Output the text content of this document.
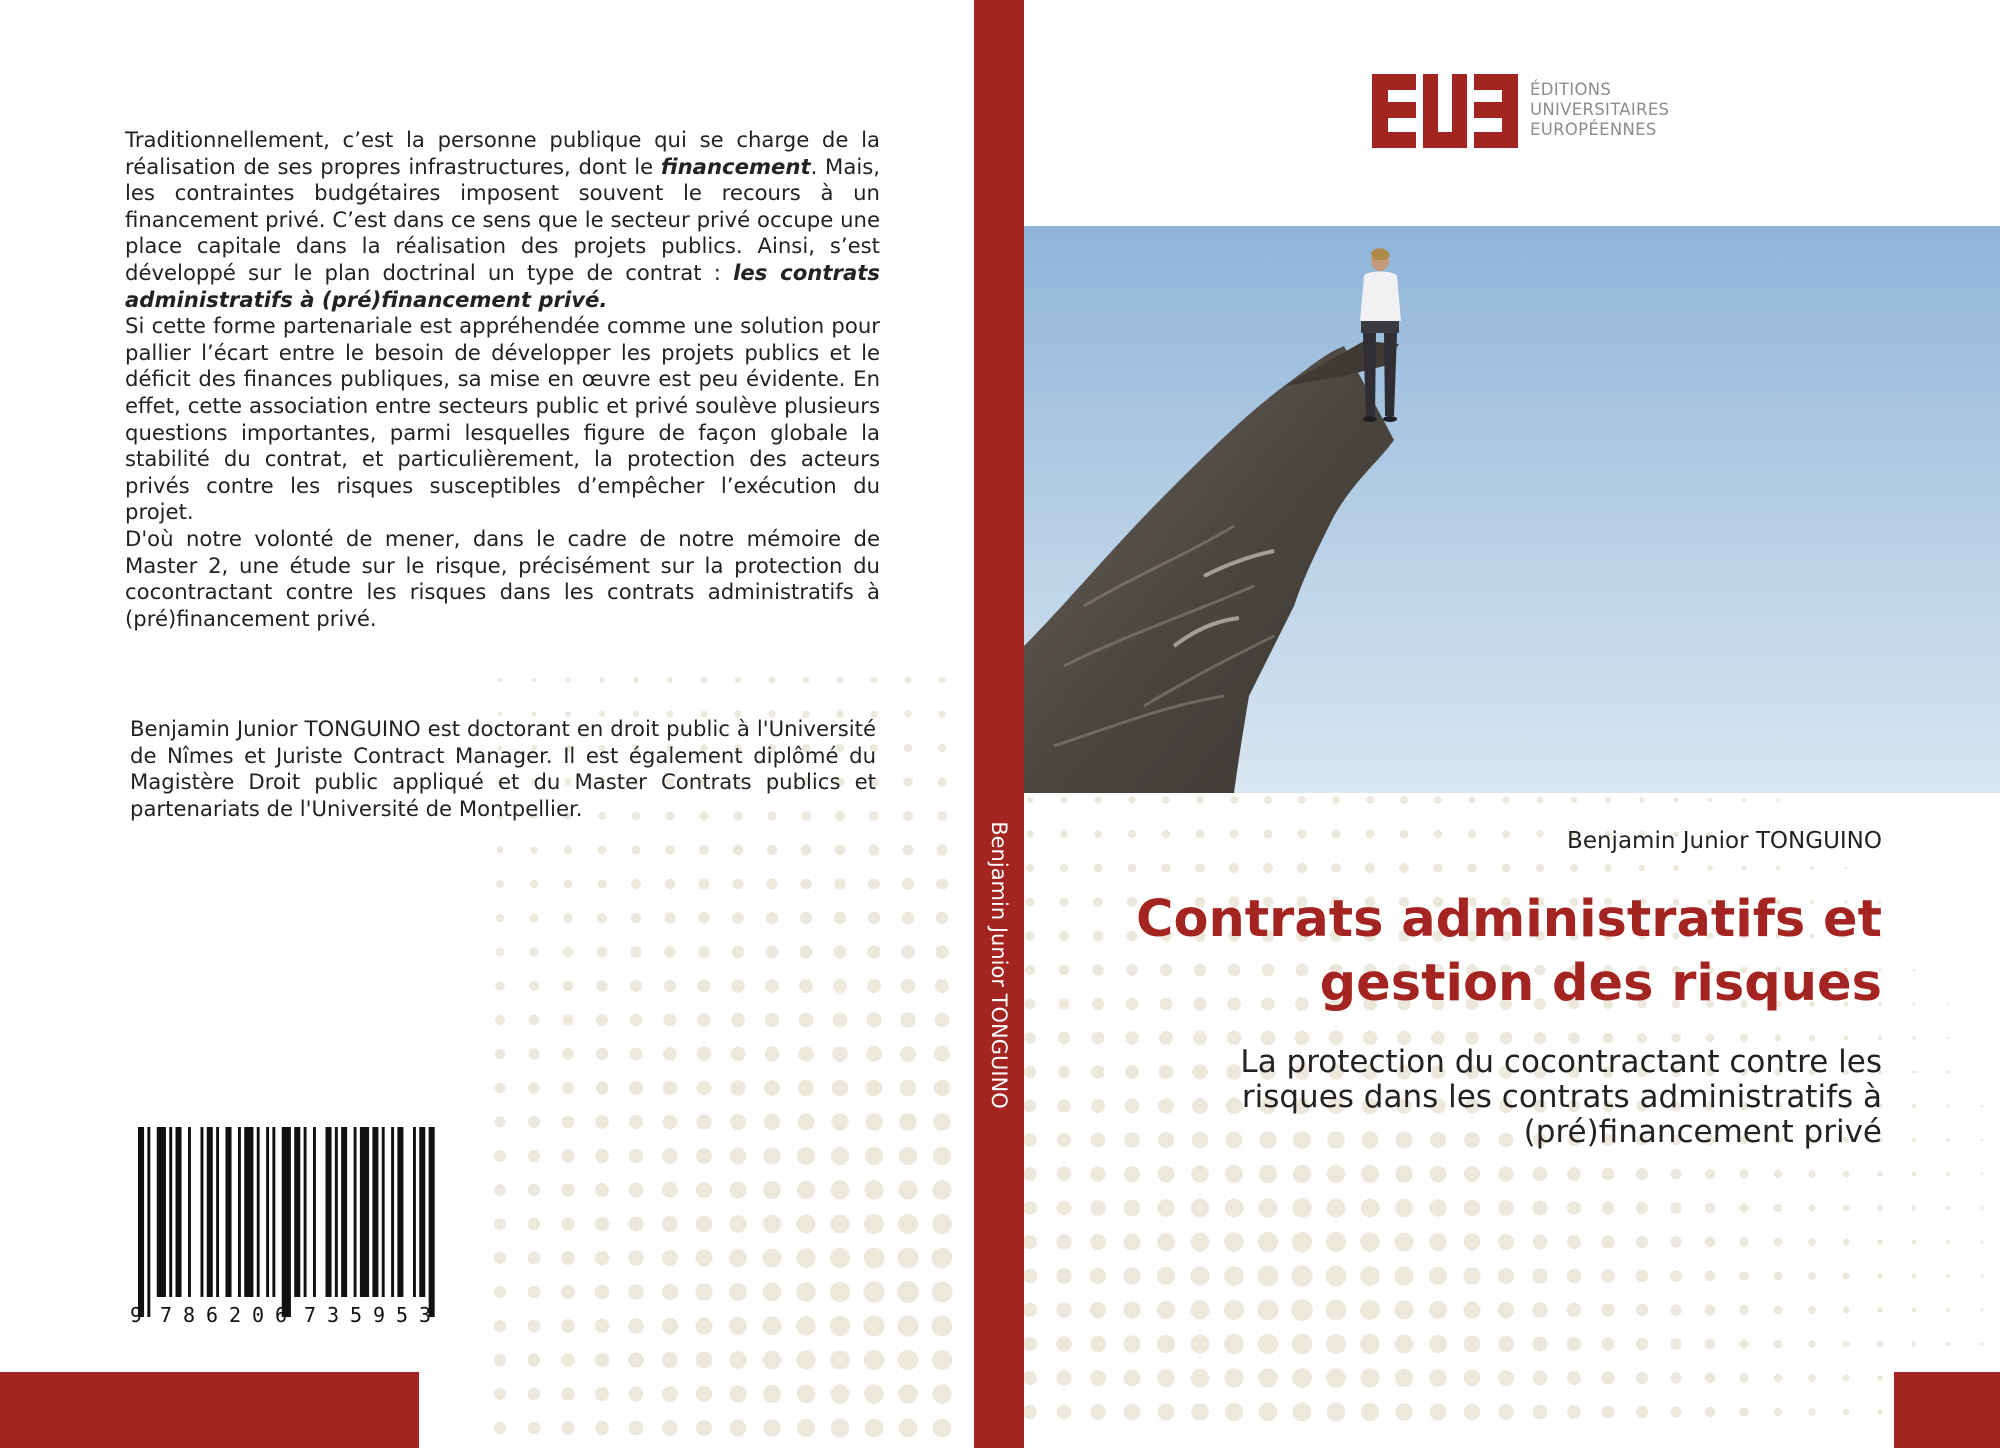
Traditionnellement, c’est la personne publique qui se charge de la réalisation de ses propres infrastructures, dont le financement. Mais, les contraintes budgétaires imposent souvent le recours à un financement privé. C’est dans ce sens que le secteur privé occupe une place capitale dans la réalisation des projets publics. Ainsi, s’est développé sur le plan doctrinal un type de contrat : les contrats administratifs à (pré)financement privé.

Si cette forme partenariale est appréhendée comme une solution pour pallier l’écart entre le besoin de développer les projets publics et le déficit des finances publiques, sa mise en œuvre est peu évidente. En effet, cette association entre secteurs public et privé soulève plusieurs questions importantes, parmi lesquelles figure de façon globale la stabilité du contrat, et particulièrement, la protection des acteurs privés contre les risques susceptibles d’empêcher l’exécution du projet.

D'où notre volonté de mener, dans le cadre de notre mémoire de Master 2, une étude sur le risque, précisément sur la protection du cocontractant contre les risques dans les contrats administratifs à (pré)financement privé.

Benjamin Junior TONGUINO est doctorant en droit public à l'Université de Nîmes et Juriste Contract Manager. Il est également diplômé du Magistère Droit public appliqué et du Master Contrats publics et partenariats de l'Université de Montpellier.
9 7 8 6 2 0 6 7 3 5 9 5 3
Benjamin Junior TONGUINO
ÉDITIONS
UNIVERSITAIRES
EUROPÉENNES
Benjamin Junior TONGUINO
Contrats administratifs et gestion des risques
La protection du cocontractant contre les risques dans les contrats administratifs à (pré)financement privé
